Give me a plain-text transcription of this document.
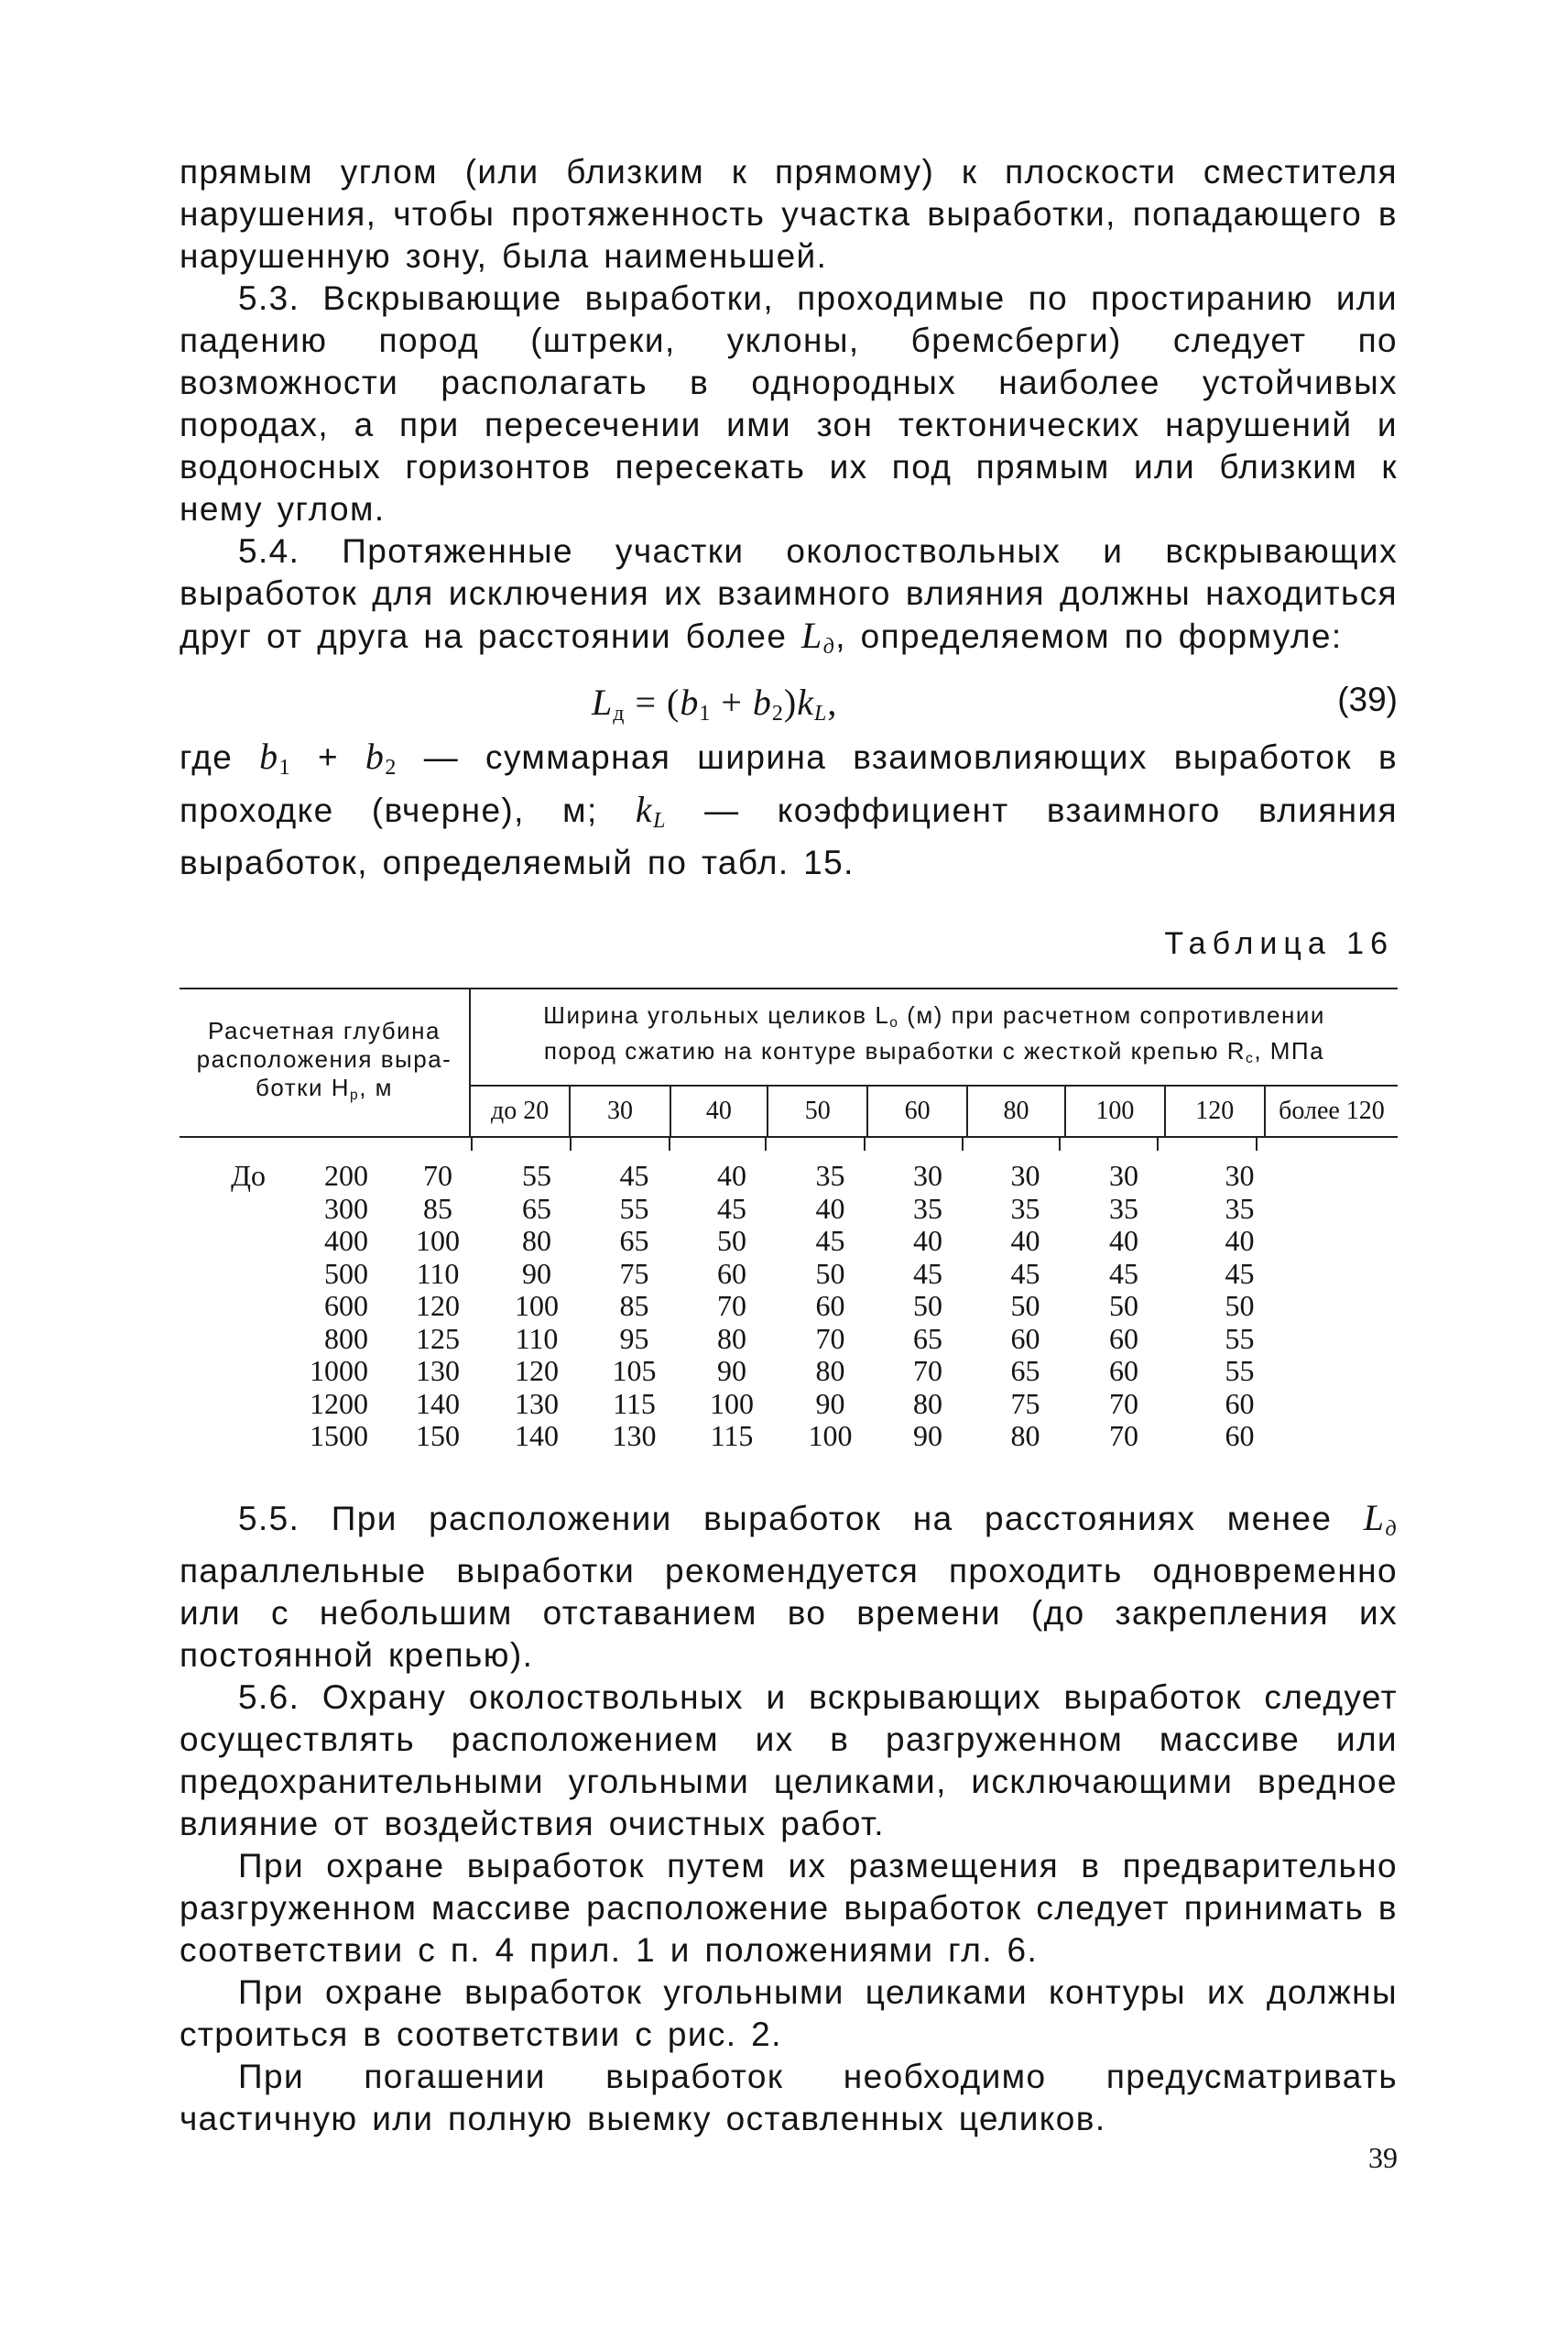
прямым углом (или близким к прямому) к плоскости сместителя нарушения, чтобы протяженность участка выработки, попадающего в нарушенную зону, была наименьшей.

5.3. Вскрывающие выработки, проходимые по простиранию или падению пород (штреки, уклоны, бремсберги) следует по возможности располагать в однородных наиболее устойчивых породах, а при пересечении ими зон тектонических нарушений и водоносных горизонтов пересекать их под прямым или близким к нему углом.

5.4. Протяженные участки околоствольных и вскрывающих выработок для исключения их взаимного влияния должны находиться друг от друга на расстоянии более $L_д$, определяемом по формуле:

$L_д = (b_1 + b_2)k_L$,	(39)

где $b_1 + b_2$ — суммарная ширина взаимовлияющих выработок в проходке (вчерне), м; $k_L$ — коэффициент взаимного влияния выработок, определяемый по табл. 15.

Таблица 16
Расчетная глубина
расположения выра-
ботки $H_р$, м
Ширина угольных целиков $L_о$ (м) при расчетном сопротивлении
пород сжатию на контуре выработки с жесткой крепью $R_с$, МПа
до 20	30	40	50	60	80	100	120	более 120
До	200	70	55	45	40	35	30	30	30	30
300	85	65	55	45	40	35	35	35	35
400	100	80	65	50	45	40	40	40	40
500	110	90	75	60	50	45	45	45	45
600	120	100	85	70	60	50	50	50	50
800	125	110	95	80	70	65	60	60	55
1000	130	120	105	90	80	70	65	60	55
1200	140	130	115	100	90	80	75	70	60
1500	150	140	130	115	100	90	80	70	60

5.5. При расположении выработок на расстояниях менее $L_д$ параллельные выработки рекомендуется проходить одновременно или с небольшим отставанием во времени (до закрепления их постоянной крепью).

5.6. Охрану околоствольных и вскрывающих выработок следует осуществлять расположением их в разгруженном массиве или предохранительными угольными целиками, исключающими вредное влияние от воздействия очистных работ.

При охране выработок путем их размещения в предварительно разгруженном массиве расположение выработок следует принимать в соответствии с п. 4 прил. 1 и положениями гл. 6.

При охране выработок угольными целиками контуры их должны строиться в соответствии с рис. 2.

При погашении выработок необходимо предусматривать частичную или полную выемку оставленных целиков.

39
